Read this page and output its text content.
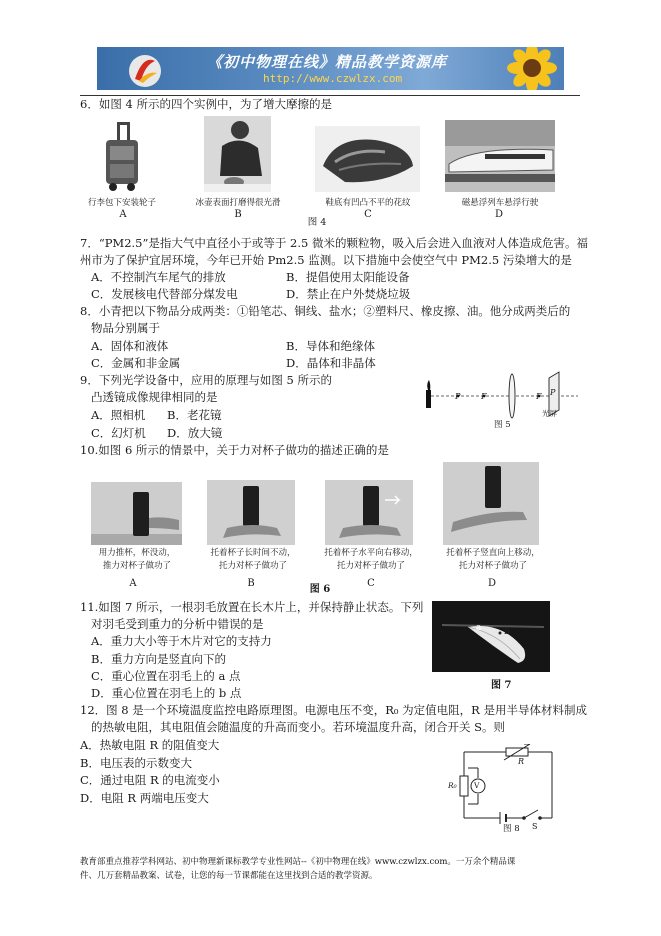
《初中物理在线》精品教学资源库
http://www.czwlzx.com
6．如图 4 所示的四个实例中，为了增大摩擦的是
行李包下安装轮子	冰壶表面打磨得很光滑	鞋底有凹凸不平的花纹	磁悬浮列车悬浮行驶
A	B	C	D
图 4
7．“PM2.5”是指大气中直径小于或等于 2.5 微米的颗粒物，吸入后会进入血液对人体造成危害。福
州市为了保护宜居环境，今年已开始 Pm2.5 监测。以下措施中会使空气中 PM2.5 污染增大的是
A．不控制汽车尾气的排放	B．提倡使用太阳能设备
C．发展核电代替部分煤发电	D．禁止在户外焚烧垃圾
8．小青把以下物品分成两类：①铅笔芯、铜线、盐水；②塑料尺、橡皮擦、油。他分成两类后的
物品分别属于
A．固体和液体	B．导体和绝缘体
C．金属和非金属	D．晶体和非晶体
9．下列光学设备中，应用的原理与如图 5 所示的
凸透镜成像规律相同的是
A．照相机 B．老花镜
C．幻灯机 D．放大镜
P	F	F P
光屏
图 5
10.如图 6 所示的情景中，关于力对杯子做功的描述正确的是
用力推杯，杯没动，
推力对杯子做功了
托着杯子长时间不动，
托力对杯子做功了
托着杯子水平向右移动，
托力对杯子做功了
托着杯子竖直向上移动，
托力对杯子做功了
A	B	C	D
图 6
11.如图 7 所示，一根羽毛放置在长木片上，并保持静止状态。下列
对羽毛受到重力的分析中错误的是
A．重力大小等于木片对它的支持力
B．重力方向是竖直向下的
C．重心位置在羽毛上的 a 点
D．重心位置在羽毛上的 b 点
a	b
图 7
12．图 8 是一个环境温度监控电路原理图。电源电压不变，R₀ 为定值电阻，R 是用半导体材料制成
的热敏电阻，其电阻值会随温度的升高而变小。若环境温度升高，闭合开关 S。则
A．热敏电阻 R 的阻值变大
B．电压表的示数变大
C．通过电阻 R 的电流变小
D．电阻 R 两端电压变大
R
R₀ V
S
图 8
教育部重点推荐学科网站、初中物理新课标教学专业性网站--《初中物理在线》www.czwlzx.com。一万余个精品课
件、几万套精品教案、试卷，让您的每一节课都能在这里找到合适的教学资源。
